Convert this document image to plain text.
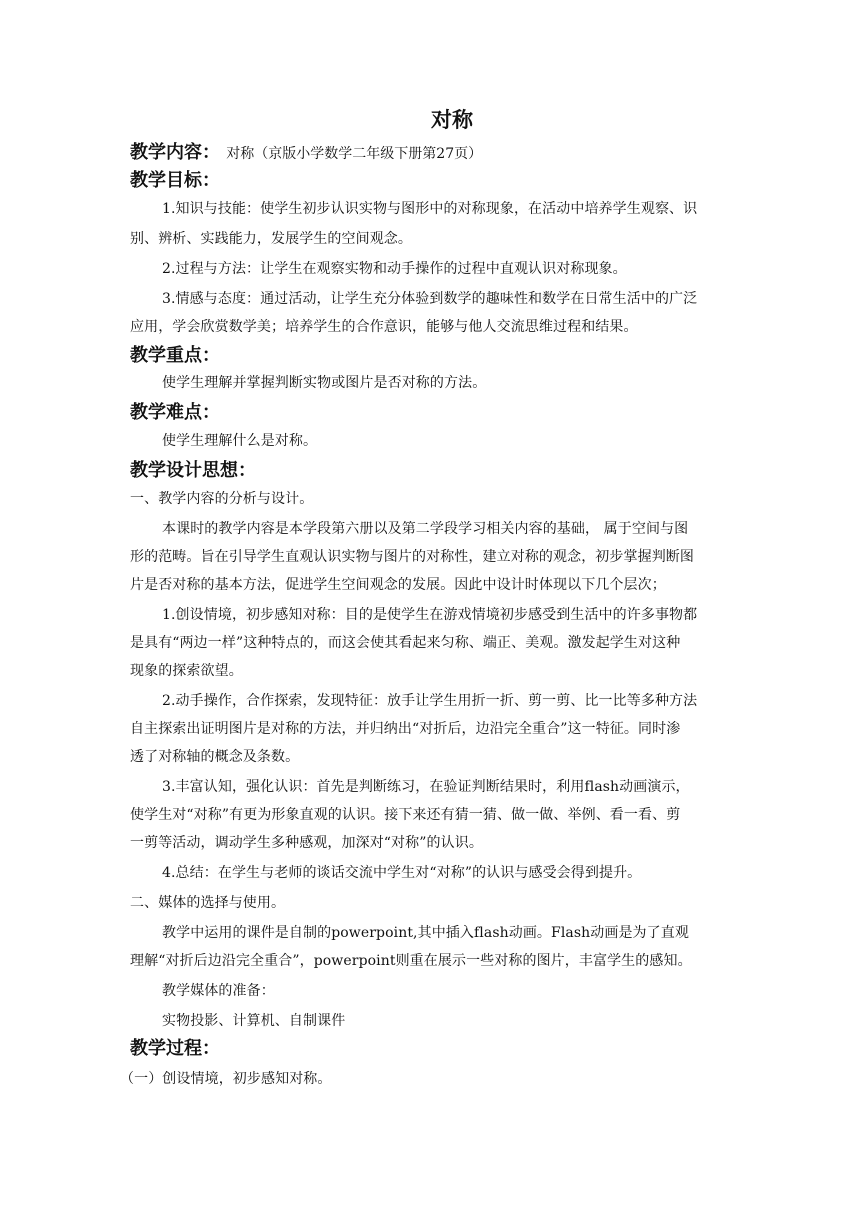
对称
教学内容： 对称（京版小学数学二年级下册第27页）
教学目标：
1.知识与技能：使学生初步认识实物与图形中的对称现象，在活动中培养学生观察、识
别、辨析、实践能力，发展学生的空间观念。
2.过程与方法：让学生在观察实物和动手操作的过程中直观认识对称现象。
3.情感与态度：通过活动，让学生充分体验到数学的趣味性和数学在日常生活中的广泛
应用，学会欣赏数学美；培养学生的合作意识，能够与他人交流思维过程和结果。
教学重点：
使学生理解并掌握判断实物或图片是否对称的方法。
教学难点：
使学生理解什么是对称。
教学设计思想：
一、教学内容的分析与设计。
本课时的教学内容是本学段第六册以及第二学段学习相关内容的基础， 属于空间与图
形的范畴。旨在引导学生直观认识实物与图片的对称性，建立对称的观念，初步掌握判断图
片是否对称的基本方法，促进学生空间观念的发展。因此中设计时体现以下几个层次；
1.创设情境，初步感知对称：目的是使学生在游戏情境初步感受到生活中的许多事物都
是具有“两边一样”这种特点的，而这会使其看起来匀称、端正、美观。激发起学生对这种
现象的探索欲望。
2.动手操作，合作探索，发现特征：放手让学生用折一折、剪一剪、比一比等多种方法
自主探索出证明图片是对称的方法，并归纳出“对折后，边沿完全重合”这一特征。同时渗
透了对称轴的概念及条数。
3.丰富认知，强化认识：首先是判断练习，在验证判断结果时，利用flash动画演示，
使学生对“对称”有更为形象直观的认识。接下来还有猜一猜、做一做、举例、看一看、剪
一剪等活动，调动学生多种感观，加深对“对称”的认识。
4.总结：在学生与老师的谈话交流中学生对“对称”的认识与感受会得到提升。
二、媒体的选择与使用。
教学中运用的课件是自制的powerpoint,其中插入flash动画。Flash动画是为了直观
理解“对折后边沿完全重合”，powerpoint则重在展示一些对称的图片，丰富学生的感知。
教学媒体的准备：
实物投影、计算机、自制课件
教学过程：
（一）创设情境，初步感知对称。
